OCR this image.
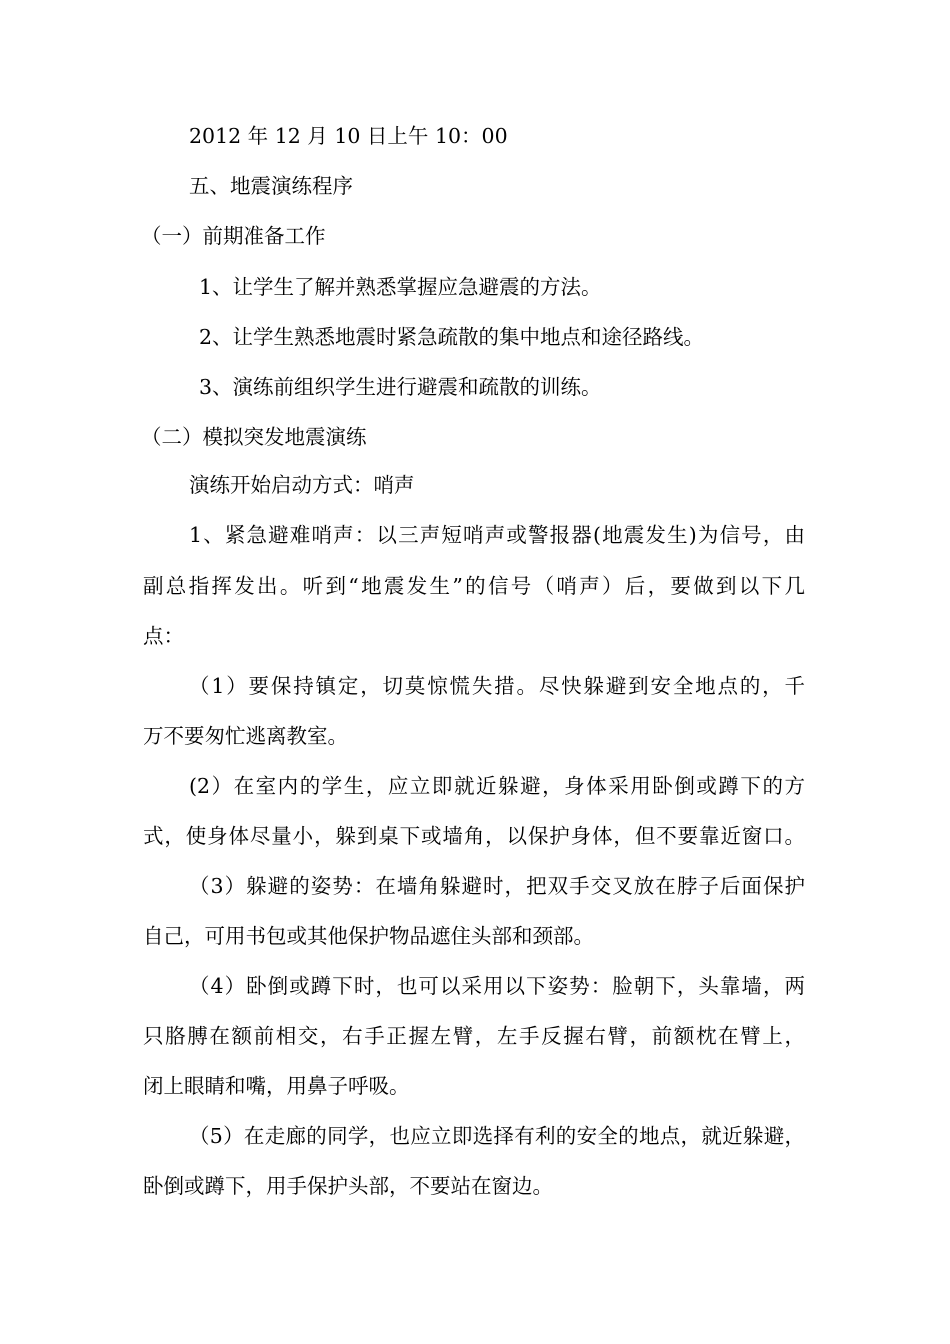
2012 年 12 月 10 日上午 10：00

五、地震演练程序

（一）前期准备工作

1、让学生了解并熟悉掌握应急避震的方法。

2、让学生熟悉地震时紧急疏散的集中地点和途径路线。

3、演练前组织学生进行避震和疏散的训练。

（二）模拟突发地震演练

演练开始启动方式：哨声

1、紧急避难哨声：以三声短哨声或警报器(地震发生)为信号，由

副总指挥发出。听到“地震发生”的信号（哨声）后，要做到以下几

点：

（1）要保持镇定，切莫惊慌失措。尽快躲避到安全地点的，千

万不要匆忙逃离教室。

(2）在室内的学生，应立即就近躲避，身体采用卧倒或蹲下的方

式，使身体尽量小，躲到桌下或墙角，以保护身体，但不要靠近窗口。

（3）躲避的姿势：在墙角躲避时，把双手交叉放在脖子后面保护

自己，可用书包或其他保护物品遮住头部和颈部。

（4）卧倒或蹲下时，也可以采用以下姿势：脸朝下，头靠墙，两

只胳膊在额前相交，右手正握左臂，左手反握右臂，前额枕在臂上，

闭上眼睛和嘴，用鼻子呼吸。

（5）在走廊的同学，也应立即选择有利的安全的地点，就近躲避，

卧倒或蹲下，用手保护头部，不要站在窗边。
